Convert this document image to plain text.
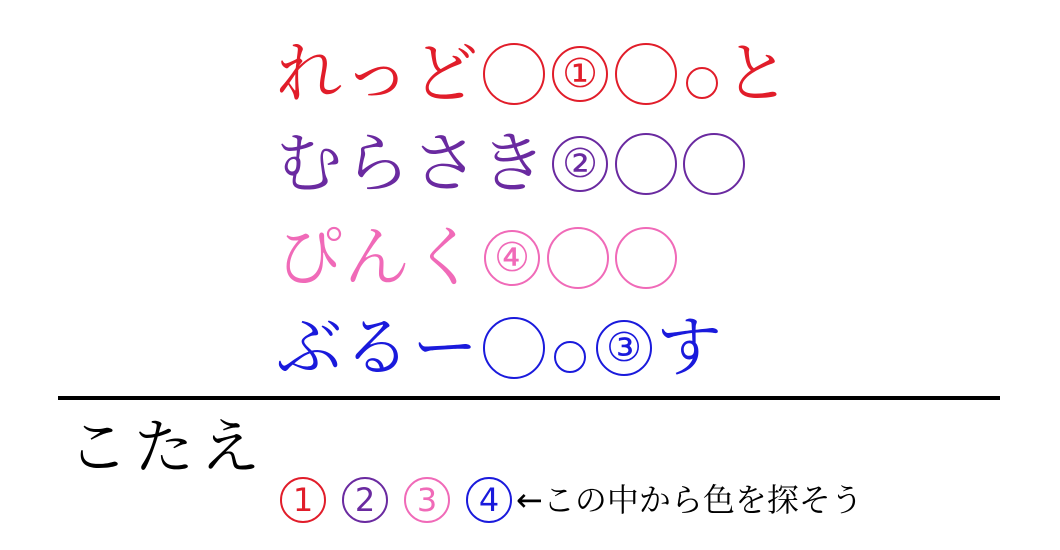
れっど ① と
むらさき ②
ぴんく ④
ぶるー	③ す
こたえ
1	2	3	4 ←この中から色を探そう
